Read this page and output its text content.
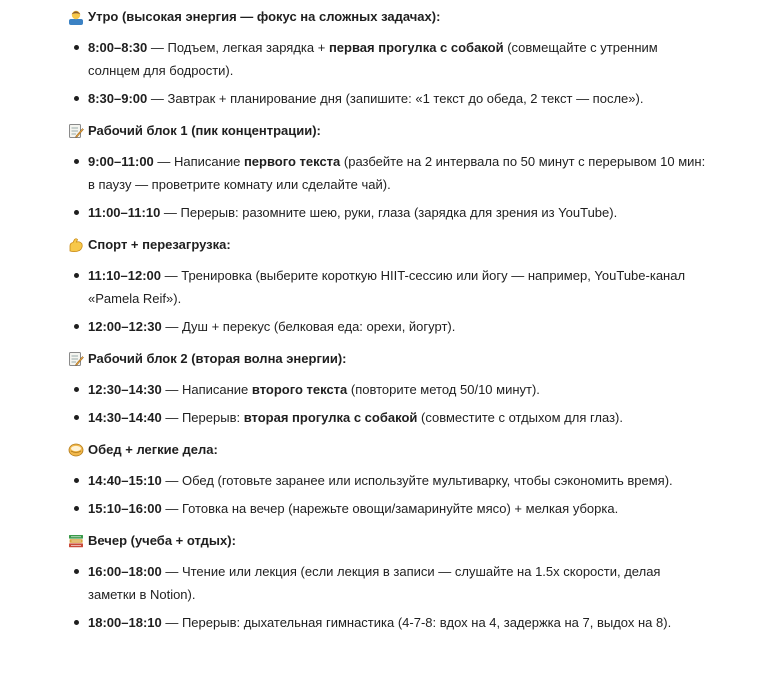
Утро (высокая энергия — фокус на сложных задачах):
8:00–8:30 — Подъем, легкая зарядка + первая прогулка с собакой (совмещайте с утренним солнцем для бодрости).
8:30–9:00 — Завтрак + планирование дня (запишите: «1 текст до обеда, 2 текст — после»).
Рабочий блок 1 (пик концентрации):
9:00–11:00 — Написание первого текста (разбейте на 2 интервала по 50 минут с перерывом 10 мин: в паузу — проветрите комнату или сделайте чай).
11:00–11:10 — Перерыв: разомните шею, руки, глаза (зарядка для зрения из YouTube).
Спорт + перезагрузка:
11:10–12:00 — Тренировка (выберите короткую HIIT-сессию или йогу — например, YouTube-канал «Pamela Reif»).
12:00–12:30 — Душ + перекус (белковая еда: орехи, йогурт).
Рабочий блок 2 (вторая волна энергии):
12:30–14:30 — Написание второго текста (повторите метод 50/10 минут).
14:30–14:40 — Перерыв: вторая прогулка с собакой (совместите с отдыхом для глаз).
Обед + легкие дела:
14:40–15:10 — Обед (готовьте заранее или используйте мультиварку, чтобы сэкономить время).
15:10–16:00 — Готовка на вечер (нарежьте овощи/замаринуйте мясо) + мелкая уборка.
Вечер (учеба + отдых):
16:00–18:00 — Чтение или лекция (если лекция в записи — слушайте на 1.5x скорости, делая заметки в Notion).
18:00–18:10 — Перерыв: дыхательная гимнастика (4-7-8: вдох на 4, задержка на 7, выдох на 8).
